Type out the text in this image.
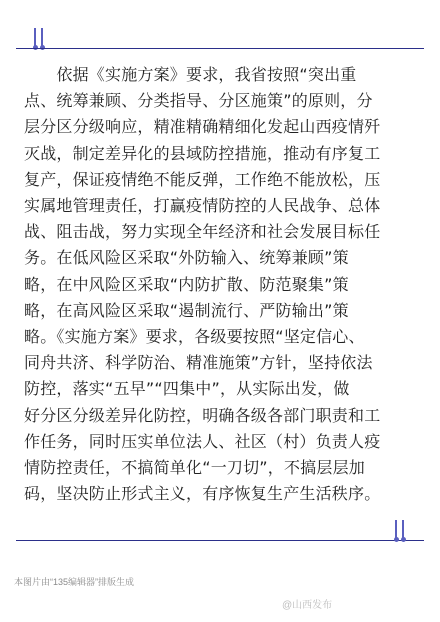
　　依据《实施方案》要求，我省按照“突出重
点、统筹兼顾、分类指导、分区施策”的原则，分
层分区分级响应，精准精确精细化发起山西疫情歼
灭战，制定差异化的县域防控措施，推动有序复工
复产，保证疫情绝不能反弹，工作绝不能放松，压
实属地管理责任，打赢疫情防控的人民战争、总体
战、阻击战，努力实现全年经济和社会发展目标任
务。在低风险区采取“外防输入、统筹兼顾”策
略，在中风险区采取“内防扩散、防范聚集”策
略，在高风险区采取“遏制流行、严防输出”策
略。《实施方案》要求，各级要按照“坚定信心、
同舟共济、科学防治、精准施策”方针，坚持依法
防控，落实“五早”“四集中”，从实际出发，做
好分区分级差异化防控，明确各级各部门职责和工
作任务，同时压实单位法人、社区（村）负责人疫
情防控责任，不搞简单化“一刀切”，不搞层层加
码，坚决防止形式主义，有序恢复生产生活秩序。
本图片由“135编辑器”排版生成
@山西发布
